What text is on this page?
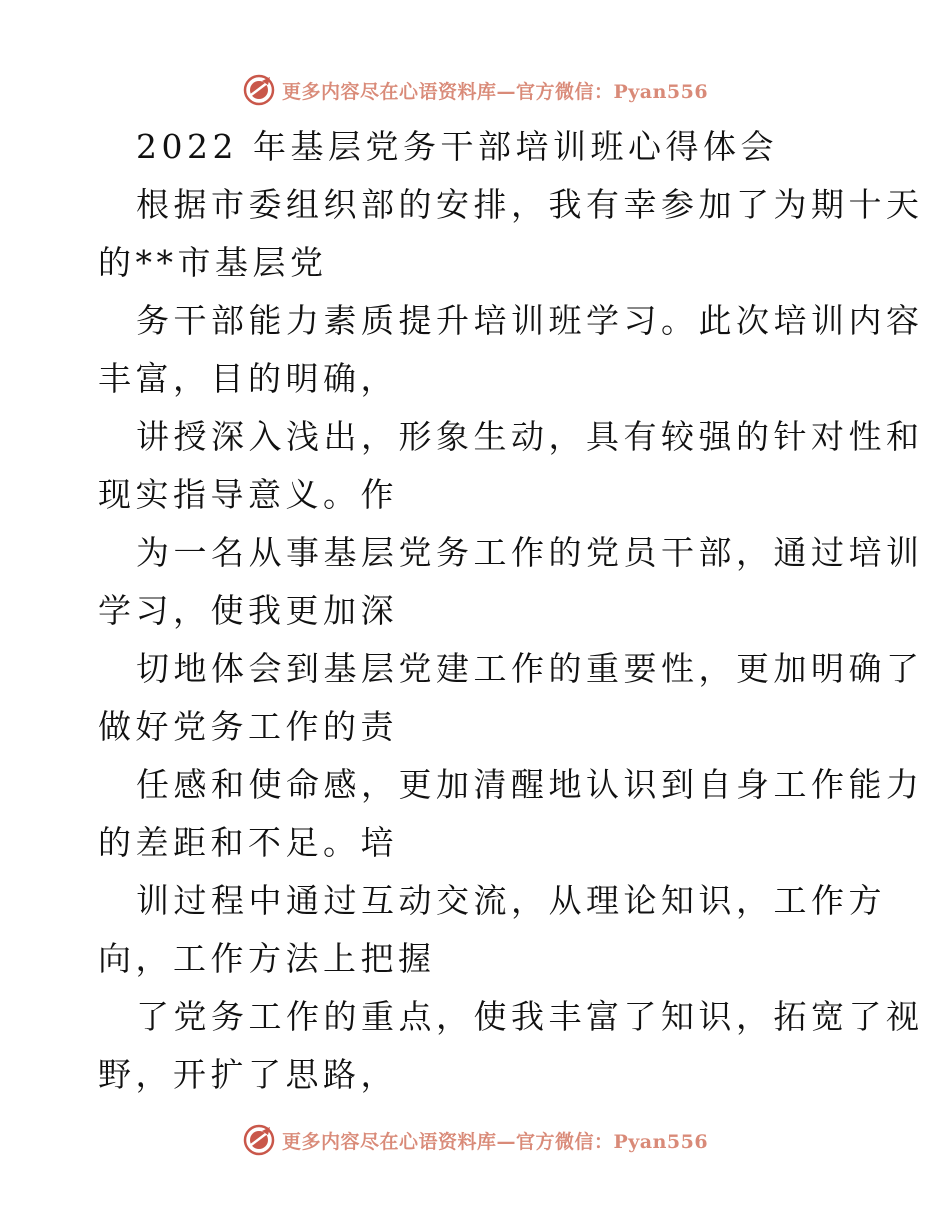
更多内容尽在心语资料库—官方微信：Pyan556
2022 年基层党务干部培训班心得体会
根据市委组织部的安排，我有幸参加了为期十天
的**市基层党
务干部能力素质提升培训班学习。此次培训内容
丰富，目的明确，
讲授深入浅出，形象生动，具有较强的针对性和
现实指导意义。作
为一名从事基层党务工作的党员干部，通过培训
学习，使我更加深
切地体会到基层党建工作的重要性，更加明确了
做好党务工作的责
任感和使命感，更加清醒地认识到自身工作能力
的差距和不足。培
训过程中通过互动交流，从理论知识，工作方
向，工作方法上把握
了党务工作的重点，使我丰富了知识，拓宽了视
野，开扩了思路，
更多内容尽在心语资料库—官方微信：Pyan556
